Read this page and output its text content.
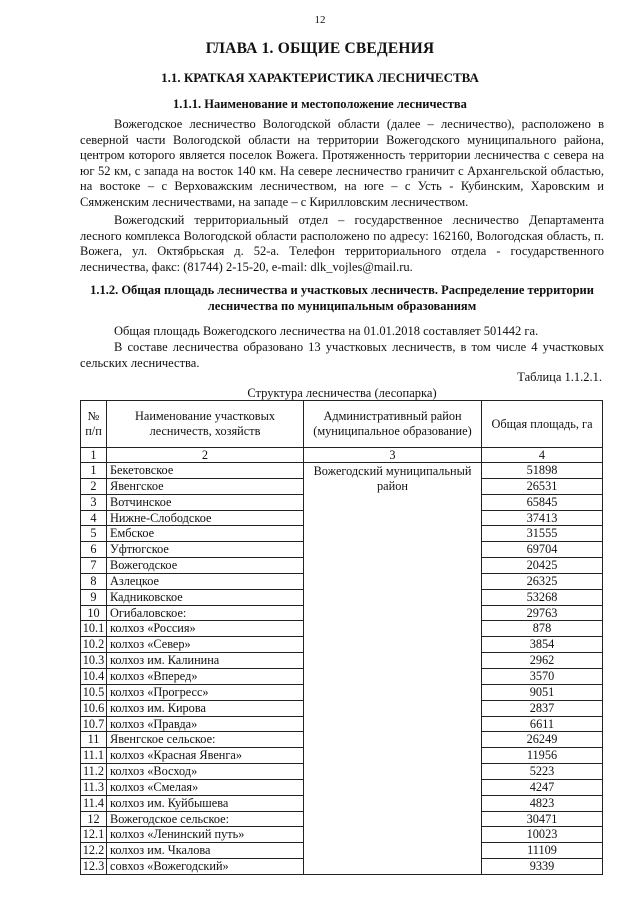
12
ГЛАВА 1. ОБЩИЕ СВЕДЕНИЯ
1.1. КРАТКАЯ ХАРАКТЕРИСТИКА ЛЕСНИЧЕСТВА
1.1.1. Наименование и местоположение лесничества

Вожегодское лесничество Вологодской области (далее – лесничество), расположено в северной части Вологодской области на территории Вожегодского муниципального района, центром которого является поселок Вожега. Протяженность территории лесничества с севера на юг 52 км, с запада на восток 140 км. На севере лесничество граничит с Архангельской областью, на востоке – с Верховажским лесничеством, на юге – с Усть - Кубинским, Харовским и Сямженским лесничествами, на западе – с Кирилловским лесничеством.

Вожегодский территориальный отдел – государственное лесничество Департамента лесного комплекса Вологодской области расположено по адресу: 162160, Вологодская область, п. Вожега, ул. Октябрьская д. 52-а. Телефон территориального отдела - государственного лесничества, факс: (81744) 2-15-20, e-mail: dlk_vojles@mail.ru.

1.1.2. Общая площадь лесничества и участковых лесничеств. Распределение территории лесничества по муниципальным образованиям

Общая площадь Вожегодского лесничества на 01.01.2018 составляет 501442 га.

В составе лесничества образовано 13 участковых лесничеств, в том числе 4 участковых сельских лесничества.

Таблица 1.1.2.1.
Структура лесничества (лесопарка)
№ п/п	Наименование участковых лесничеств, хозяйств	Административный район (муниципальное образование)	Общая площадь, га
1	2	3	4
1	Бекетовское	Вожегодский муниципальный район	51898
2	Явенгское		26531
3	Вотчинское		65845
4	Нижне-Слободское		37413
5	Ембское		31555
6	Уфтюгское		69704
7	Вожегодское		20425
8	Азлецкое		26325
9	Кадниковское		53268
10	Огибаловское:		29763
10.1	колхоз «Россия»		878
10.2	колхоз «Север»		3854
10.3	колхоз им. Калинина		2962
10.4	колхоз «Вперед»		3570
10.5	колхоз «Прогресс»		9051
10.6	колхоз им. Кирова		2837
10.7	колхоз «Правда»		6611
11	Явенгское сельское:		26249
11.1	колхоз «Красная Явенга»		11956
11.2	колхоз «Восход»		5223
11.3	колхоз «Смелая»		4247
11.4	колхоз им. Куйбышева		4823
12	Вожегодское сельское:		30471
12.1	колхоз «Ленинский путь»		10023
12.2	колхоз им. Чкалова		11109
12.3	совхоз «Вожегодский»		9339
